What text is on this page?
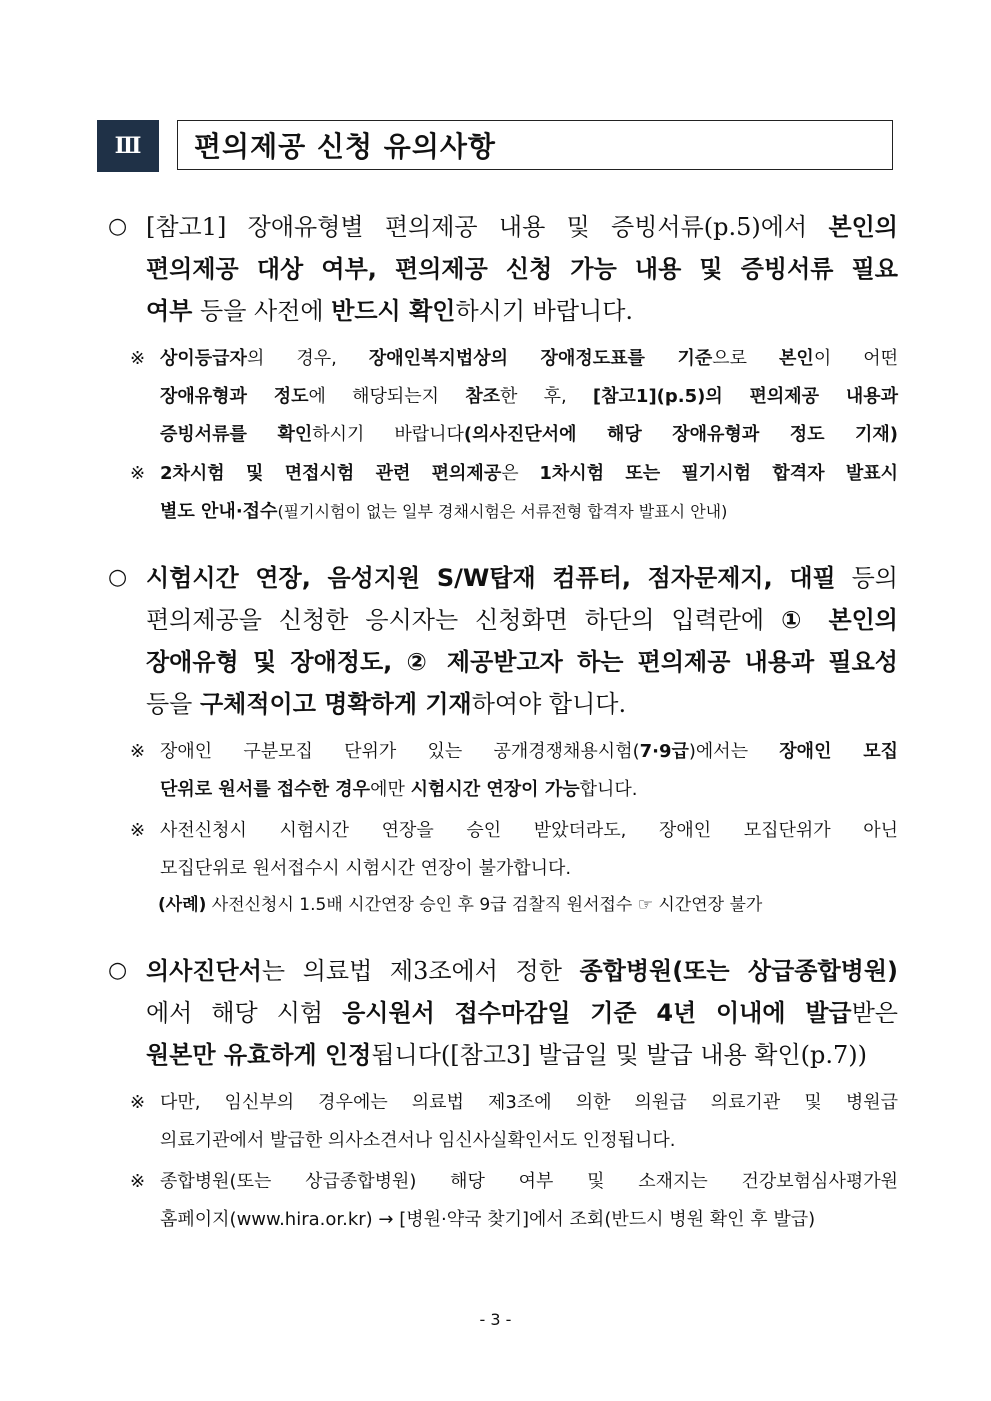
Ⅲ	편의제공 신청 유의사항
○ [참고1] 장애유형별 편의제공 내용 및 증빙서류(p.5)에서 본인의
편의제공 대상 여부, 편의제공 신청 가능 내용 및 증빙서류 필요
여부 등을 사전에 반드시 확인하시기 바랍니다.
※ 상이등급자의 경우, 장애인복지법상의 장애정도표를 기준으로 본인이 어떤
장애유형과 정도에 해당되는지 참조한 후, [참고1](p.5)의 편의제공 내용과
증빙서류를 확인하시기 바랍니다(의사진단서에 해당 장애유형과 정도 기재)
※ 2차시험 및 면접시험 관련 편의제공은 1차시험 또는 필기시험 합격자 발표시
별도 안내·접수(필기시험이 없는 일부 경채시험은 서류전형 합격자 발표시 안내)
○ 시험시간 연장, 음성지원 S/W탑재 컴퓨터, 점자문제지, 대필 등의
편의제공을 신청한 응시자는 신청화면 하단의 입력란에 ① 본인의
장애유형 및 장애정도, ② 제공받고자 하는 편의제공 내용과 필요성
등을 구체적이고 명확하게 기재하여야 합니다.
※ 장애인 구분모집 단위가 있는 공개경쟁채용시험(7·9급)에서는 장애인 모집
단위로 원서를 접수한 경우에만 시험시간 연장이 가능합니다.
※ 사전신청시 시험시간 연장을 승인 받았더라도, 장애인 모집단위가 아닌
모집단위로 원서접수시 시험시간 연장이 불가합니다.
(사례) 사전신청시 1.5배 시간연장 승인 후 9급 검찰직 원서접수 ☞ 시간연장 불가
○ 의사진단서는 의료법 제3조에서 정한 종합병원(또는 상급종합병원)
에서 해당 시험 응시원서 접수마감일 기준 4년 이내에 발급받은
원본만 유효하게 인정됩니다([참고3] 발급일 및 발급 내용 확인(p.7))
※ 다만, 임신부의 경우에는 의료법 제3조에 의한 의원급 의료기관 및 병원급
의료기관에서 발급한 의사소견서나 임신사실확인서도 인정됩니다.
※ 종합병원(또는 상급종합병원) 해당 여부 및 소재지는 건강보험심사평가원
홈페이지(www.hira.or.kr) → [병원·약국 찾기]에서 조회(반드시 병원 확인 후 발급)
- 3 -
